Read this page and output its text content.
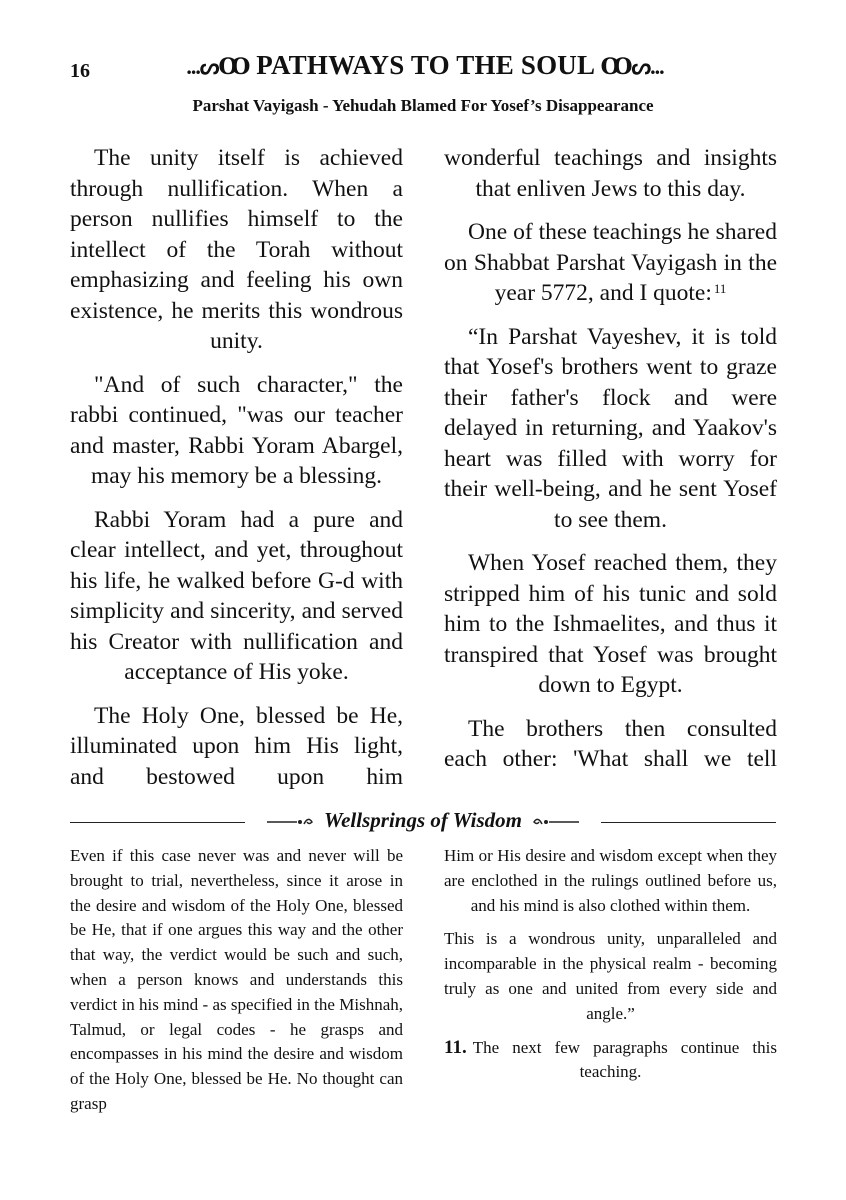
16	...ᔕꝎ PATHWAYS TO THE SOUL Ꝏᔕ...
Parshat Vayigash - Yehudah Blamed For Yosef’s Disappearance

The unity itself is achieved through nullification. When a person nullifies himself to the intellect of the Torah without emphasizing and feeling his own existence, he merits this wondrous unity.

"And of such character," the rabbi continued, "was our teacher and master, Rabbi Yoram Abargel, may his memory be a blessing.

Rabbi Yoram had a pure and clear intellect, and yet, throughout his life, he walked before G-d with simplicity and sincerity, and served his Creator with nullification and acceptance of His yoke.

The Holy One, blessed be He, illuminated upon him His light, and bestowed upon him

wonderful teachings and insights that enliven Jews to this day.

One of these teachings he shared on Shabbat Parshat Vayigash in the year 5772, and I quote: $^{11}$

“In Parshat Vayeshev, it is told that Yosef's brothers went to graze their father's flock and were delayed in returning, and Yaakov's heart was filled with worry for their well-being, and he sent Yosef to see them.

When Yosef reached them, they stripped him of his tunic and sold him to the Ishmaelites, and thus it transpired that Yosef was brought down to Egypt.

The brothers then consulted each other: 'What shall we tell

Wellsprings of Wisdom

Even if this case never was and never will be brought to trial, nevertheless, since it arose in the desire and wisdom of the Holy One, blessed be He, that if one argues this way and the other that way, the verdict would be such and such, when a person knows and understands this verdict in his mind - as specified in the Mishnah, Talmud, or legal codes - he grasps and encompasses in his mind the desire and wisdom of the Holy One, blessed be He. No thought can grasp

Him or His desire and wisdom except when they are enclothed in the rulings outlined before us, and his mind is also clothed within them.

This is a wondrous unity, unparalleled and incomparable in the physical realm - becoming truly as one and united from every side and angle.”

11. The next few paragraphs continue this teaching.
